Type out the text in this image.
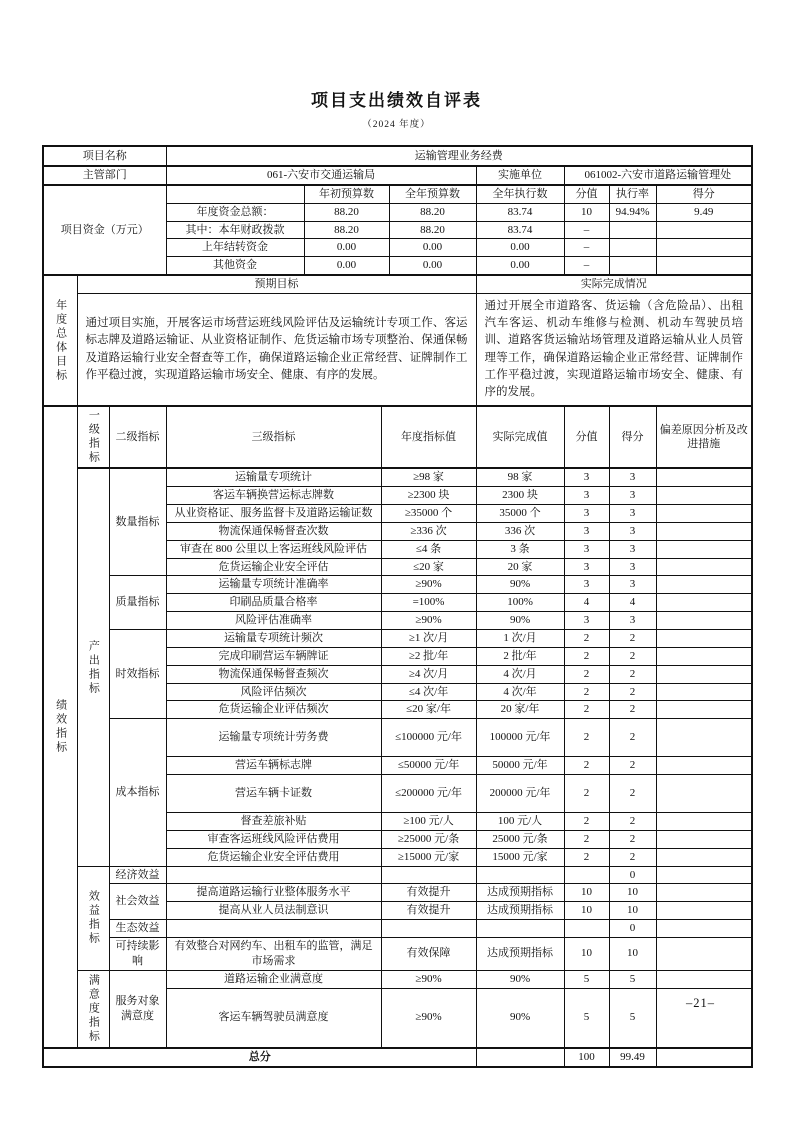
项目支出绩效自评表
（2024 年度）
项目名称			运输管理业务经费							
主管部门			061-六安市交通运输局				实施单位	061002-六安市道路运输管理处		
项目资金（万元）				年初预算数		全年预算数	全年执行数	分值	执行率	得分
			年度资金总额：	88.20		88.20	83.74	10	94.94%	9.49
			其中：本年财政拨款	88.20		88.20	83.74	–		
			上年结转资金	0.00		0.00	0.00	–		
			其他资金	0.00		0.00	0.00	–		

年度总体目标	预期目标						实际完成情况			
	通过项目实施，开展客运市场营运班线风险评估及运输统计专项工作、客运标志牌及道路运输证、从业资格证制作、危货运输市场专项整治、保通保畅及道路运输行业安全督查等工作，确保道路运输企业正常经营、证牌制作工作平稳过渡，实现道路运输市场安全、健康、有序的发展。						通过开展全市道路客、货运输（含危险品）、出租汽车客运、机动车维修与检测、机动车驾驶员培训、道路客货运输站场管理及道路运输从业人员管理等工作，确保道路运输企业正常经营、证牌制作工作平稳过渡，实现道路运输市场安全、健康、有序的发展。			

绩效指标	一级指标	二级指标	三级指标		年度指标值		实际完成值	分值	得分	偏差原因分析及改进措施

	产出指标	数量指标	运输量专项统计		≥98 家		98 家	3	3	
			客运车辆换营运标志牌数		≥2300 块		2300 块	3	3	
			从业资格证、服务监督卡及道路运输证数		≥35000 个		35000 个	3	3	
			物流保通保畅督查次数		≥336 次		336 次	3	3	
			审查在 800 公里以上客运班线风险评估		≤4 条		3 条	3	3	
			危货运输企业安全评估		≤20 家		20 家	3	3	
		质量指标	运输量专项统计准确率		≥90%		90%	3	3	
			印刷品质量合格率		=100%		100%	4	4	
			风险评估准确率		≥90%		90%	3	3	
		时效指标	运输量专项统计频次		≥1 次/月		1 次/月	2	2	
			完成印刷营运车辆牌证		≥2 批/年		2 批/年	2	2	
			物流保通保畅督查频次		≥4 次/月		4 次/月	2	2	
			风险评估频次		≤4 次/年		4 次/年	2	2	
			危货运输企业评估频次		≤20 家/年		20 家/年	2	2	
		成本指标	运输量专项统计劳务费		≤100000 元/年		100000 元/年	2	2	
			营运车辆标志牌		≤50000 元/年		50000 元/年	2	2	
			营运车辆卡证数		≤200000 元/年		200000 元/年	2	2	
			督查差旅补贴		≥100 元/人		100 元/人	2	2	
			审查客运班线风险评估费用		≥25000 元/条		25000 元/条	2	2	
			危货运输企业安全评估费用		≥15000 元/家		15000 元/家	2	2	

	效益指标	经济效益							0	
		社会效益	提高道路运输行业整体服务水平		有效提升		达成预期指标	10	10	
			提高从业人员法制意识		有效提升		达成预期指标	10	10	
		生态效益							0	
		可持续影响	有效整合对网约车、出租车的监管，满足市场需求		有效保障		达成预期指标	10	10	

	满意度指标	服务对象满意度	道路运输企业满意度		≥90%		90%	5	5	
			客运车辆驾驶员满意度		≥90%		90%	5	5	
总分								100	99.49	
–21–
